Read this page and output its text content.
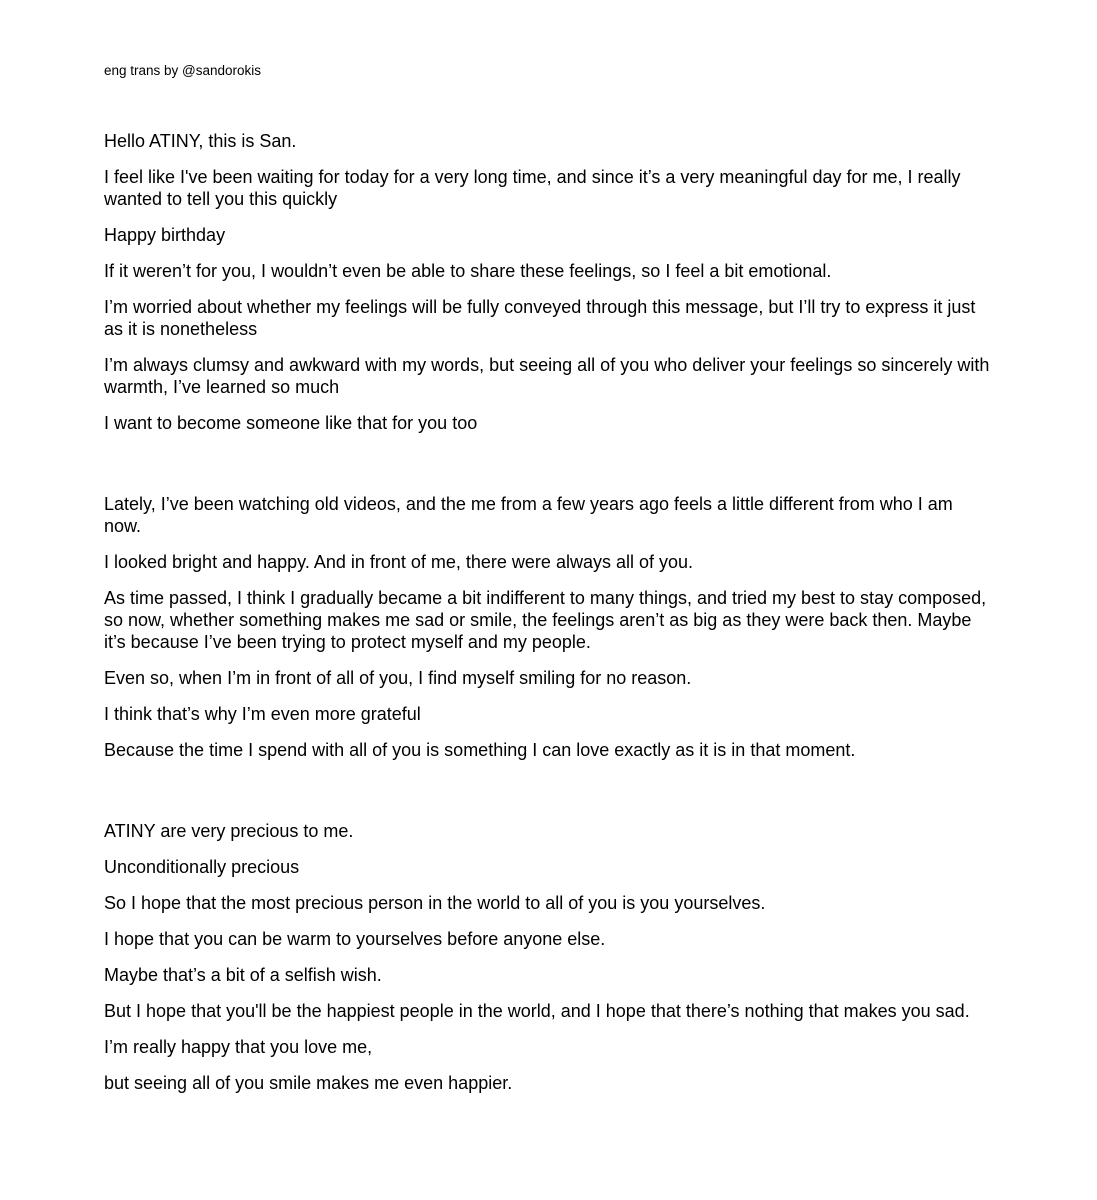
eng trans by @sandorokis

Hello ATINY, this is San.

I feel like I've been waiting for today for a very long time, and since it’s a very meaningful day for me, I really wanted to tell you this quickly

Happy birthday

If it weren’t for you, I wouldn’t even be able to share these feelings, so I feel a bit emotional.

I’m worried about whether my feelings will be fully conveyed through this message, but I’ll try to express it just as it is nonetheless

I’m always clumsy and awkward with my words, but seeing all of you who deliver your feelings so sincerely with warmth, I’ve learned so much

I want to become someone like that for you too

Lately, I’ve been watching old videos, and the me from a few years ago feels a little different from who I am now.

I looked bright and happy. And in front of me, there were always all of you.

As time passed, I think I gradually became a bit indifferent to many things, and tried my best to stay composed, so now, whether something makes me sad or smile, the feelings aren’t as big as they were back then. Maybe it’s because I’ve been trying to protect myself and my people.

Even so, when I’m in front of all of you, I find myself smiling for no reason.

I think that’s why I’m even more grateful

Because the time I spend with all of you is something I can love exactly as it is in that moment.

ATINY are very precious to me.

Unconditionally precious

So I hope that the most precious person in the world to all of you is you yourselves.

I hope that you can be warm to yourselves before anyone else.

Maybe that’s a bit of a selfish wish.

But I hope that you'll be the happiest people in the world, and I hope that there’s nothing that makes you sad.

I’m really happy that you love me,

but seeing all of you smile makes me even happier.
